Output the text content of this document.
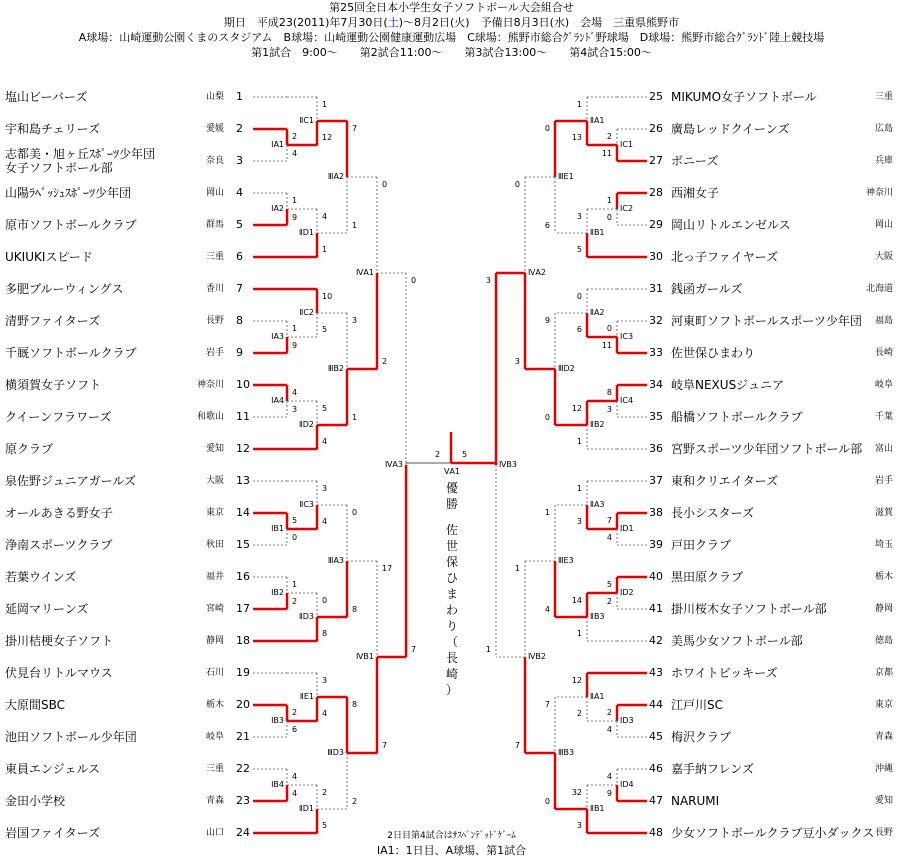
第25回全日本小学生女子ソフトボール大会組合せ
期日　平成23(2011)年7月30日(土)～8月2日(火)　予備日8月3日(水)　会場　三重県熊野市
A球場：山崎運動公園くまのスタジアム　B球場：山崎運動公園健康運動広場　C球場：熊野市総合ｸﾞﾗﾝﾄﾞ野球場　D球場：熊野市総合ｸﾞﾗﾝﾄﾞ陸上競技場
第1試合　9:00～　　第2試合11:00～　　第3試合13:00～　　第4試合15:00～
塩山ビーバーズ	山梨 1
宇和島チェリーズ	愛媛 2
志都美・旭ヶ丘ｽﾎﾟｰﾂ少年団
女子ソフトボール部	奈良 3
山陽ﾗﾍﾞｯｼｭｽﾎﾟｰﾂ少年団	岡山 4
原市ソフトボールクラブ	群馬 5
UKIUKIスピード	三重 6
多肥ブルーウィングス	香川 7
清野ファイターズ	長野 8
千厩ソフトボールクラブ	岩手 9
横須賀女子ソフト	神奈川 10
クイーンフラワーズ	和歌山 11
原クラブ	愛知 12
泉佐野ジュニアガールズ	大阪 13
オールあきる野女子	東京 14
浄南スポーツクラブ	秋田 15
若葉ウインズ	福井 16
延岡マリーンズ	宮崎 17
掛川桔梗女子ソフト	静岡 18
伏見台リトルマウス	石川 19
大原間SBC	栃木 20
池田ソフトボール少年団	岐阜 21
東員エンジェルス	三重 22
金田小学校	青森 23
岩国ファイターズ	山口 24
25 MIKUMO女子ソフトボール	三重
26 廣島レッドクイーンズ	広島
27 ボニーズ	兵庫
28 西湘女子	神奈川
29 岡山リトルエンゼルス	岡山
30 北っ子ファイヤーズ	大阪
31 銭函ガールズ	北海道
32 河東町ソフトボールスポーツ少年団 福島
33 佐世保ひまわり	長崎
34 岐阜NEXUSジュニア	岐阜
35 船橋ソフトボールクラブ	千葉
36 宮野スポーツ少年団ソフトボール部 富山
37 東和クリエイターズ	岩手
38 長小シスターズ	滋賀
39 戸田クラブ	埼玉
40 黒田原クラブ	栃木
41 掛川桜木女子ソフトボール部	静岡
42 美馬少女ソフトボール部	徳島
43 ホワイトビッキーズ	京都
44 江戸川SC	東京
45 梅沢クラブ	青森
46 嘉手納フレンズ	沖縄
47 NARUMI	愛知
48 少女ソフトボールクラブ豆小ダックス 長野
ⅠA1
2
4
ⅡC1
1
12
ⅠA2
1
9
ⅡD1
4
1
ⅠA3
1
9
ⅡC2
10
5
ⅠA4
4
3
ⅡD2
5
4
ⅠB1
5
0
ⅡC3
3
4
ⅠB2
1
2
ⅡD3
0
8
ⅠB3
2
6
ⅡE1
3
4
ⅠB4
4
4
ⅡD1
2
5
ⅢA2
7
1
ⅢB2
3
1
ⅢA3
0
8
ⅢD3
8
2
ⅣA1
0
2
ⅣB1
17
7
ⅣA3
0
7
ⅠC1
2
11
ⅡA1
1
13
ⅠC2
1
0
ⅡB1
3
5
ⅠC3
0
11
ⅡA2
0
6
ⅠC4
8
3
ⅡB2
12
1
ⅠD1
7
4
ⅡA3
1
3
ⅠD2
5
2
ⅡB3
14
1
ⅠD3
2
4
ⅡA1
12
2
ⅠD4
4
9
ⅡB1
32
3
ⅢE1
0
6
ⅢD2
9
0
ⅢE3
1
4
ⅢB3
7
0
ⅣA2
0
3
ⅣB2
1
7
ⅣB3
3
1
ⅤA1
2	5
優
勝
佐
世
保
ひ
ま
わ
り
（
長
崎
）
2日目第4試合はｻｽﾍﾟﾝﾃﾞｯﾄﾞｹﾞｰﾑ
ⅠA1：1日目、A球場、第1試合
